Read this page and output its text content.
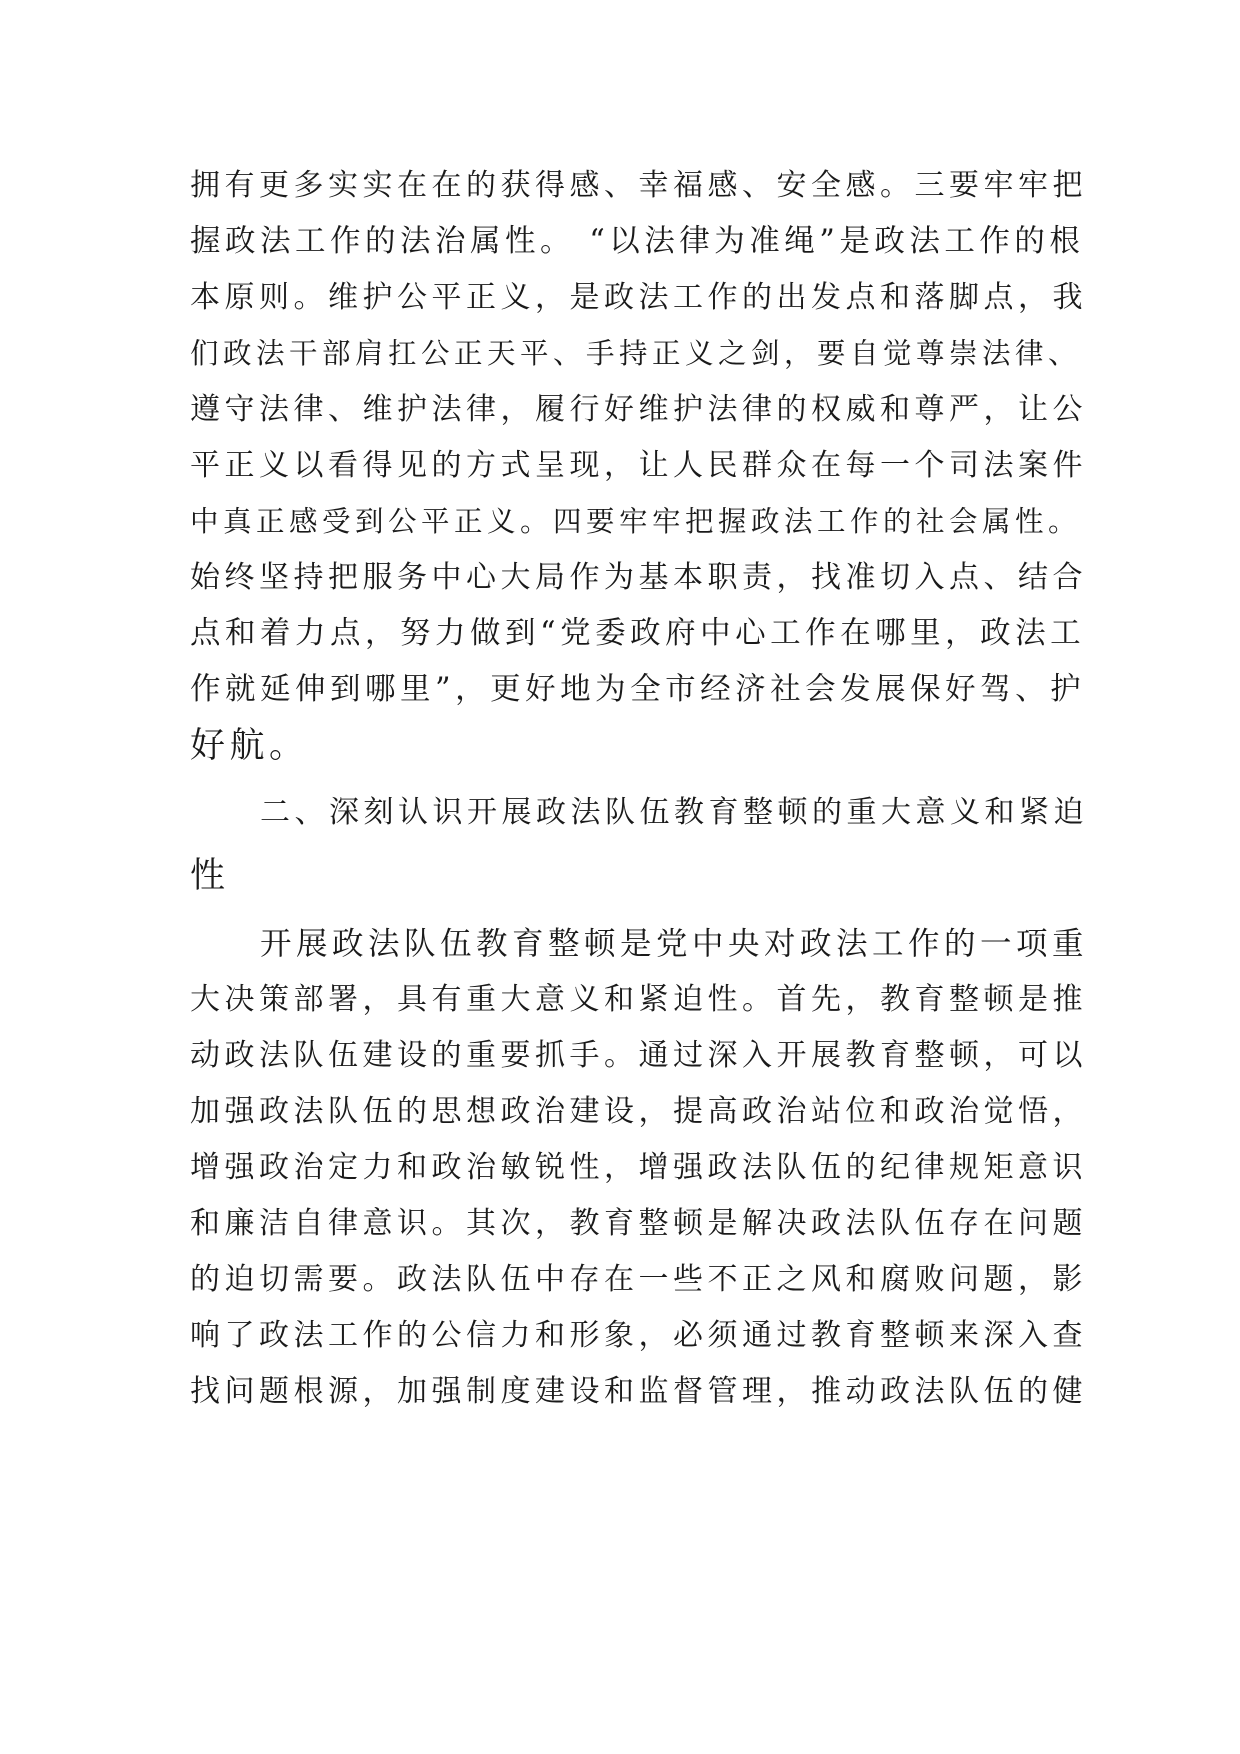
拥有更多实实在在的获得感、幸福感、安全感。三要牢牢把
握政法工作的法治属性。 “以法律为准绳”是政法工作的根
本原则。维护公平正义，是政法工作的出发点和落脚点，我
们政法干部肩扛公正天平、手持正义之剑，要自觉尊崇法律、
遵守法律、维护法律，履行好维护法律的权威和尊严，让公
平正义以看得见的方式呈现，让人民群众在每一个司法案件
中真正感受到公平正义。四要牢牢把握政法工作的社会属性。
始终坚持把服务中心大局作为基本职责，找准切入点、结合
点和着力点，努力做到“党委政府中心工作在哪里，政法工
作就延伸到哪里”，更好地为全市经济社会发展保好驾、护
好航。
二、深刻认识开展政法队伍教育整顿的重大意义和紧迫
性
开展政法队伍教育整顿是党中央对政法工作的一项重
大决策部署，具有重大意义和紧迫性。首先，教育整顿是推
动政法队伍建设的重要抓手。通过深入开展教育整顿，可以
加强政法队伍的思想政治建设，提高政治站位和政治觉悟，
增强政治定力和政治敏锐性，增强政法队伍的纪律规矩意识
和廉洁自律意识。其次，教育整顿是解决政法队伍存在问题
的迫切需要。政法队伍中存在一些不正之风和腐败问题，影
响了政法工作的公信力和形象，必须通过教育整顿来深入查
找问题根源，加强制度建设和监督管理，推动政法队伍的健
